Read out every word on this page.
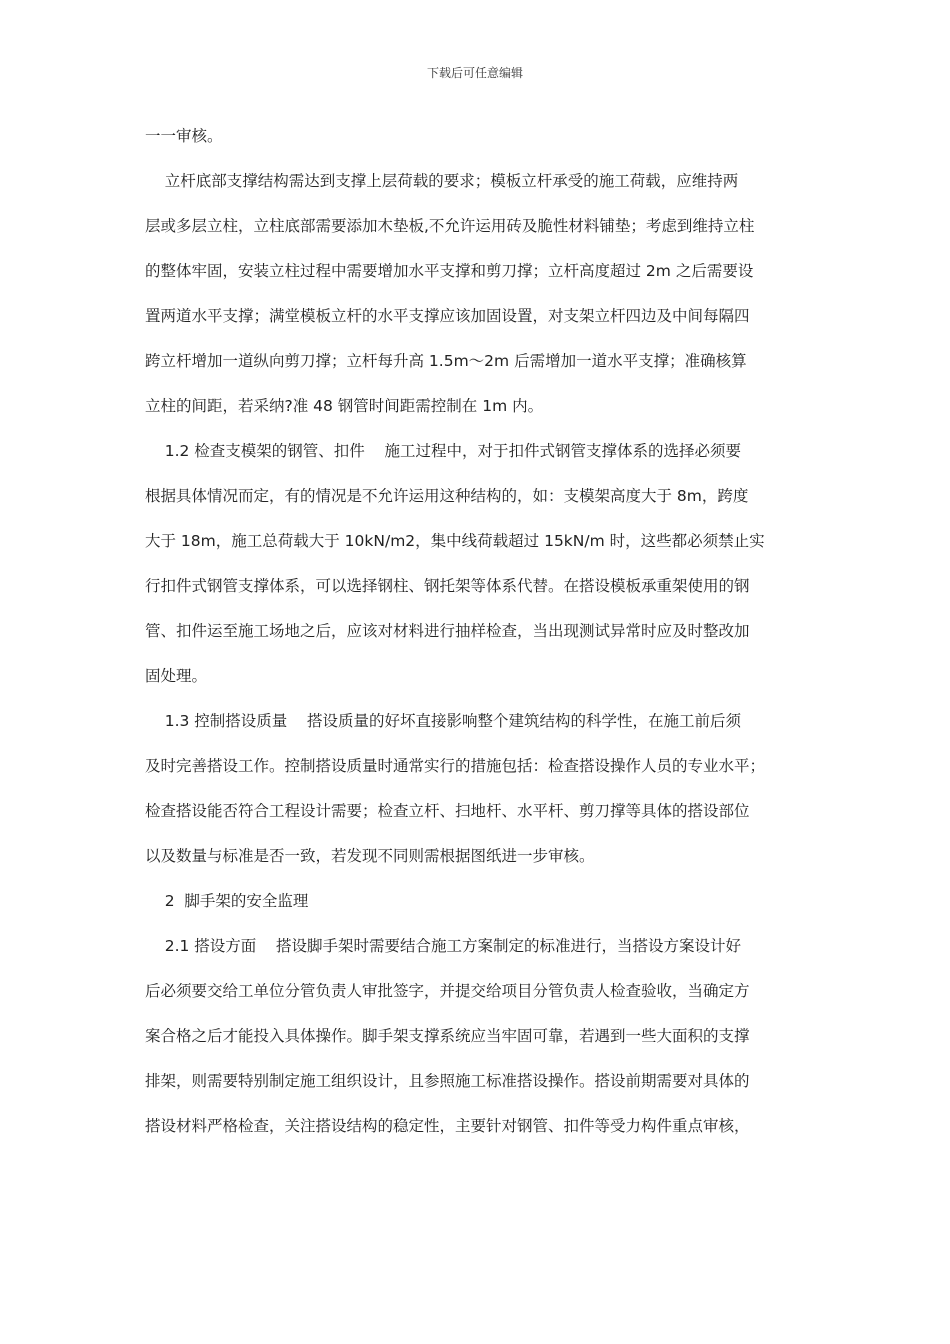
下载后可任意编辑
一一审核。
立杆底部支撑结构需达到支撑上层荷载的要求；模板立杆承受的施工荷载，应维持两
层或多层立柱，立柱底部需要添加木垫板,不允许运用砖及脆性材料铺垫；考虑到维持立柱
的整体牢固，安装立柱过程中需要增加水平支撑和剪刀撑；立杆高度超过 2m 之后需要设
置两道水平支撑；满堂模板立杆的水平支撑应该加固设置，对支架立杆四边及中间每隔四
跨立杆增加一道纵向剪刀撑；立杆每升高 1.5m～2m 后需增加一道水平支撑；准确核算
立柱的间距，若采纳?准 48 钢管时间距需控制在 1m 内。
1.2 检查支模架的钢管、扣件    施工过程中，对于扣件式钢管支撑体系的选择必须要
根据具体情况而定，有的情况是不允许运用这种结构的，如：支模架高度大于 8m，跨度
大于 18m，施工总荷载大于 10kN/m2，集中线荷载超过 15kN/m 时，这些都必须禁止实
行扣件式钢管支撑体系，可以选择钢柱、钢托架等体系代替。在搭设模板承重架使用的钢
管、扣件运至施工场地之后，应该对材料进行抽样检查，当出现测试异常时应及时整改加
固处理。
1.3 控制搭设质量    搭设质量的好坏直接影响整个建筑结构的科学性，在施工前后须
及时完善搭设工作。控制搭设质量时通常实行的措施包括：检查搭设操作人员的专业水平；
检查搭设能否符合工程设计需要；检查立杆、扫地杆、水平杆、剪刀撑等具体的搭设部位
以及数量与标准是否一致，若发现不同则需根据图纸进一步审核。
2  脚手架的安全监理
2.1 搭设方面    搭设脚手架时需要结合施工方案制定的标准进行，当搭设方案设计好
后必须要交给工单位分管负责人审批签字，并提交给项目分管负责人检查验收，当确定方
案合格之后才能投入具体操作。脚手架支撑系统应当牢固可靠，若遇到一些大面积的支撑
排架，则需要特别制定施工组织设计，且参照施工标准搭设操作。搭设前期需要对具体的
搭设材料严格检查，关注搭设结构的稳定性，主要针对钢管、扣件等受力构件重点审核，
